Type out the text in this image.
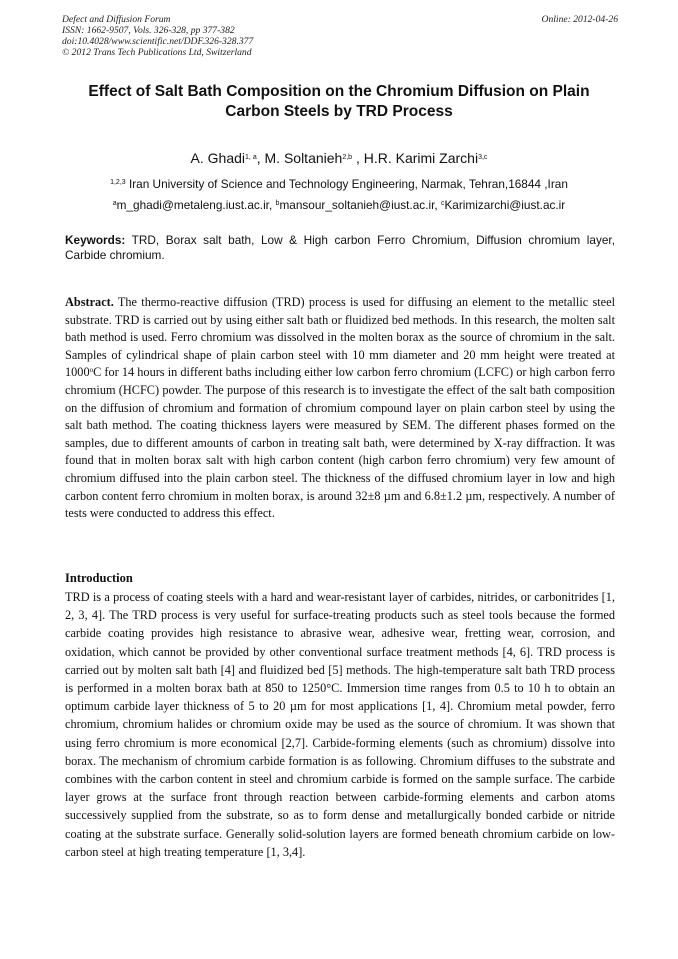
Defect and Diffusion Forum
ISSN: 1662-9507, Vols. 326-328, pp 377-382
doi:10.4028/www.scientific.net/DDF.326-328.377
© 2012 Trans Tech Publications Ltd, Switzerland
Online: 2012-04-26
Effect of Salt Bath Composition on the Chromium Diffusion on Plain Carbon Steels by TRD Process
A. Ghadi$^{1, a}$, M. Soltanieh$^{2,b}$ , H.R. Karimi Zarchi$^{3,c}$
$^{1,2,3}$ Iran University of Science and Technology Engineering, Narmak, Tehran,16844 ,Iran
$^a$m_ghadi@metaleng.iust.ac.ir, $^b$mansour_soltanieh@iust.ac.ir, $^c$Karimizarchi@iust.ac.ir
Keywords: TRD, Borax salt bath, Low & High carbon Ferro Chromium, Diffusion chromium layer, Carbide chromium.
Abstract. The thermo-reactive diffusion (TRD) process is used for diffusing an element to the metallic steel substrate. TRD is carried out by using either salt bath or fluidized bed methods. In this research, the molten salt bath method is used. Ferro chromium was dissolved in the molten borax as the source of chromium in the salt. Samples of cylindrical shape of plain carbon steel with 10 mm diameter and 20 mm height were treated at 1000$^o$C for 14 hours in different baths including either low carbon ferro chromium (LCFC) or high carbon ferro chromium (HCFC) powder. The purpose of this research is to investigate the effect of the salt bath composition on the diffusion of chromium and formation of chromium compound layer on plain carbon steel by using the salt bath method. The coating thickness layers were measured by SEM. The different phases formed on the samples, due to different amounts of carbon in treating salt bath, were determined by X-ray diffraction. It was found that in molten borax salt with high carbon content (high carbon ferro chromium) very few amount of chromium diffused into the plain carbon steel. The thickness of the diffused chromium layer in low and high carbon content ferro chromium in molten borax, is around 32±8 µm and 6.8±1.2 µm, respectively. A number of tests were conducted to address this effect.
Introduction
TRD is a process of coating steels with a hard and wear-resistant layer of carbides, nitrides, or carbonitrides [1, 2, 3, 4]. The TRD process is very useful for surface-treating products such as steel tools because the formed carbide coating provides high resistance to abrasive wear, adhesive wear, fretting wear, corrosion, and oxidation, which cannot be provided by other conventional surface treatment methods [4, 6]. TRD process is carried out by molten salt bath [4] and fluidized bed [5] methods. The high-temperature salt bath TRD process is performed in a molten borax bath at 850 to 1250°C. Immersion time ranges from 0.5 to 10 h to obtain an optimum carbide layer thickness of 5 to 20 µm for most applications [1, 4]. Chromium metal powder, ferro chromium, chromium halides or chromium oxide may be used as the source of chromium. It was shown that using ferro chromium is more economical [2,7]. Carbide-forming elements (such as chromium) dissolve into borax. The mechanism of chromium carbide formation is as following. Chromium diffuses to the substrate and combines with the carbon content in steel and chromium carbide is formed on the sample surface. The carbide layer grows at the surface front through reaction between carbide-forming elements and carbon atoms successively supplied from the substrate, so as to form dense and metallurgically bonded carbide or nitride coating at the substrate surface. Generally solid-solution layers are formed beneath chromium carbide on low-carbon steel at high treating temperature [1, 3,4].
